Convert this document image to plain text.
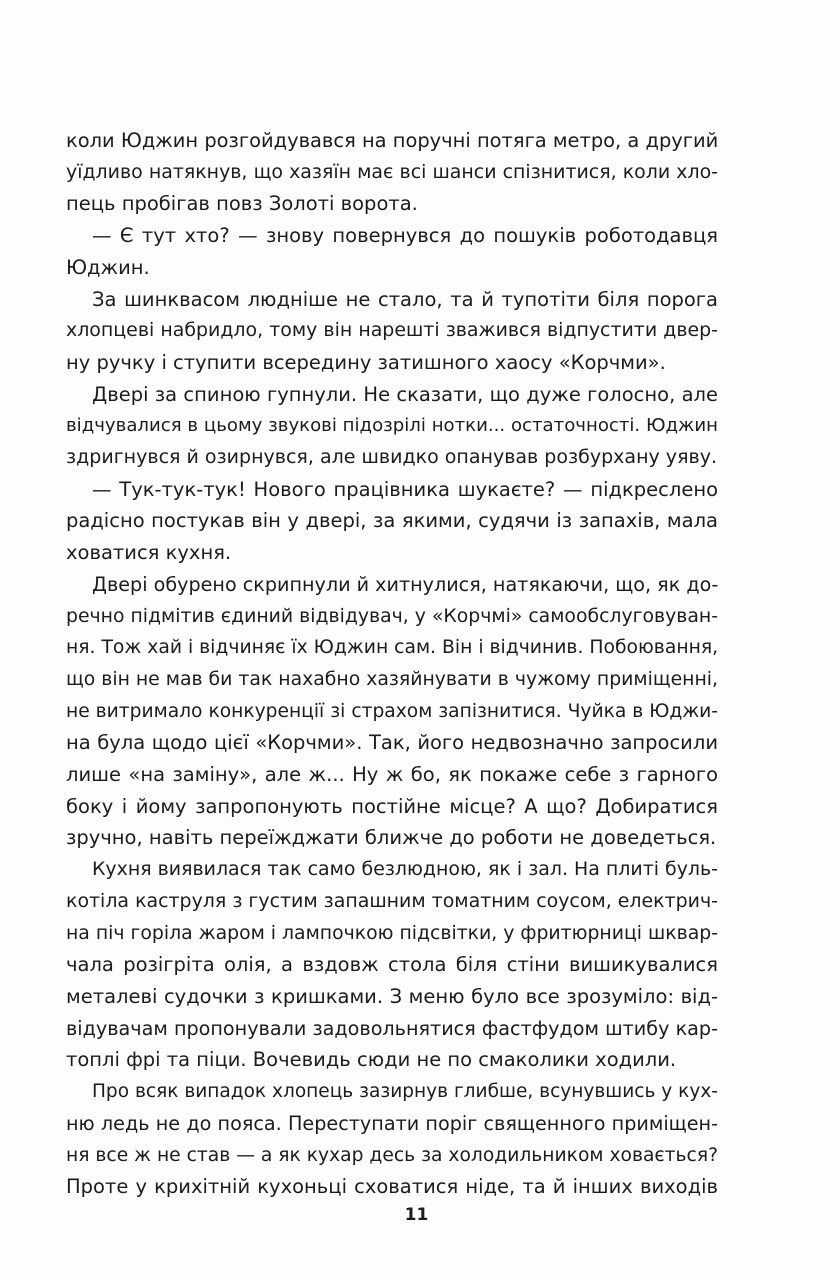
коли Юджин розгойдувався на поручні потяга метро, а другий
уїдливо натякнув, що хазяїн має всі шанси спізнитися, коли хло-
пець пробігав повз Золоті ворота.
— Є тут хто? — знову повернувся до пошуків роботодавця
Юджин.
За шинквасом людніше не стало, та й тупотіти біля порога
хлопцеві набридло, тому він нарешті зважився відпустити двер-
ну ручку і ступити всередину затишного хаосу «Корчми».
Двері за спиною гупнули. Не сказати, що дуже голосно, але
відчувалися в цьому звукові підозрілі нотки... остаточності. Юджин
здригнувся й озирнувся, але швидко опанував розбурхану уяву.
— Тук-тук-тук! Нового працівника шукаєте? — підкреслено
радісно постукав він у двері, за якими, судячи із запахів, мала
ховатися кухня.
Двері обурено скрипнули й хитнулися, натякаючи, що, як до-
речно підмітив єдиний відвідувач, у «Корчмі» самообслуговуван-
ня. Тож хай і відчиняє їх Юджин сам. Він і відчинив. Побоювання,
що він не мав би так нахабно хазяйнувати в чужому приміщенні,
не витримало конкуренції зі страхом запізнитися. Чуйка в Юджи-
на була щодо цієї «Корчми». Так, його недвозначно запросили
лише «на заміну», але ж... Ну ж бо, як покаже себе з гарного
боку і йому запропонують постійне місце? А що? Добиратися
зручно, навіть переїжджати ближче до роботи не доведеться.
Кухня виявилася так само безлюдною, як і зал. На плиті буль-
котіла каструля з густим запашним томатним соусом, електрич-
на піч горіла жаром і лампочкою підсвітки, у фритюрниці шквар-
чала розігріта олія, а вздовж стола біля стіни вишикувалися
металеві судочки з кришками. З меню було все зрозуміло: від-
відувачам пропонували задовольнятися фастфудом штибу кар-
топлі фрі та піци. Вочевидь сюди не по смаколики ходили.
Про всяк випадок хлопець зазирнув глибше, всунувшись у кух-
ню ледь не до пояса. Переступати поріг священного приміщен-
ня все ж не став — а як кухар десь за холодильником ховається?
Проте у крихітній кухоньці сховатися ніде, та й інших виходів
11
